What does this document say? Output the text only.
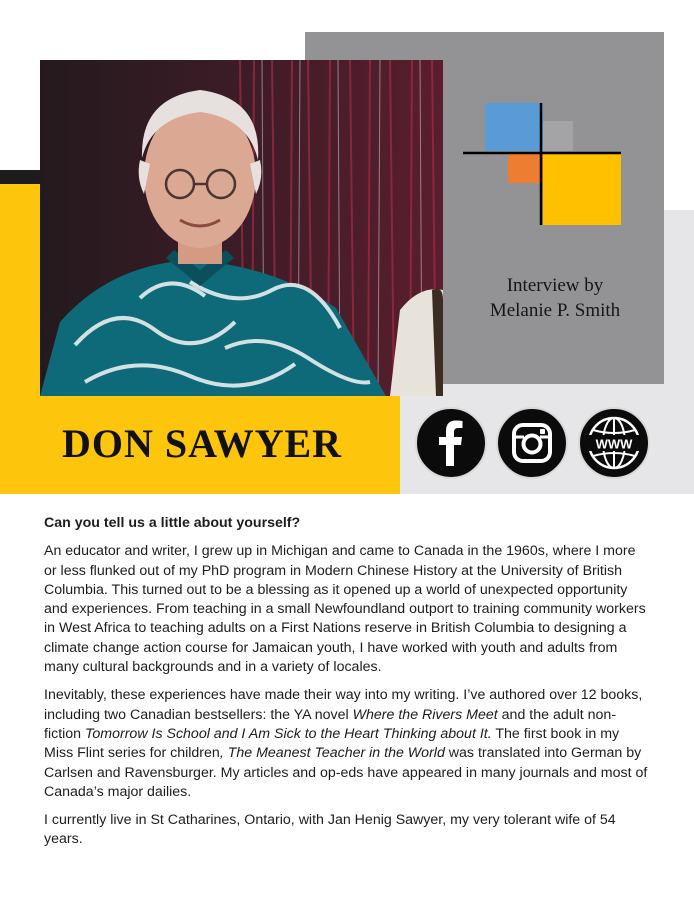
Interview by
Melanie P. Smith
DON SAWYER	WWW
Can you tell us a little about yourself?

An educator and writer, I grew up in Michigan and came to Canada in the 1960s, where I more or less flunked out of my PhD program in Modern Chinese History at the University of British Columbia. This turned out to be a blessing as it opened up a world of unexpected opportunity and experiences. From teaching in a small Newfoundland outport to training community workers in West Africa to teaching adults on a First Nations reserve in British Columbia to designing a climate change action course for Jamaican youth, I have worked with youth and adults from many cultural backgrounds and in a variety of locales.

Inevitably, these experiences have made their way into my writing. I’ve authored over 12 books, including two Canadian bestsellers: the YA novel Where the Rivers Meet and the adult non-fiction Tomorrow Is School and I Am Sick to the Heart Thinking about It. The first book in my Miss Flint series for children, The Meanest Teacher in the World was translated into German by Carlsen and Ravensburger. My articles and op-eds have appeared in many journals and most of Canada’s major dailies.

I currently live in St Catharines, Ontario, with Jan Henig Sawyer, my very tolerant wife of 54 years.
